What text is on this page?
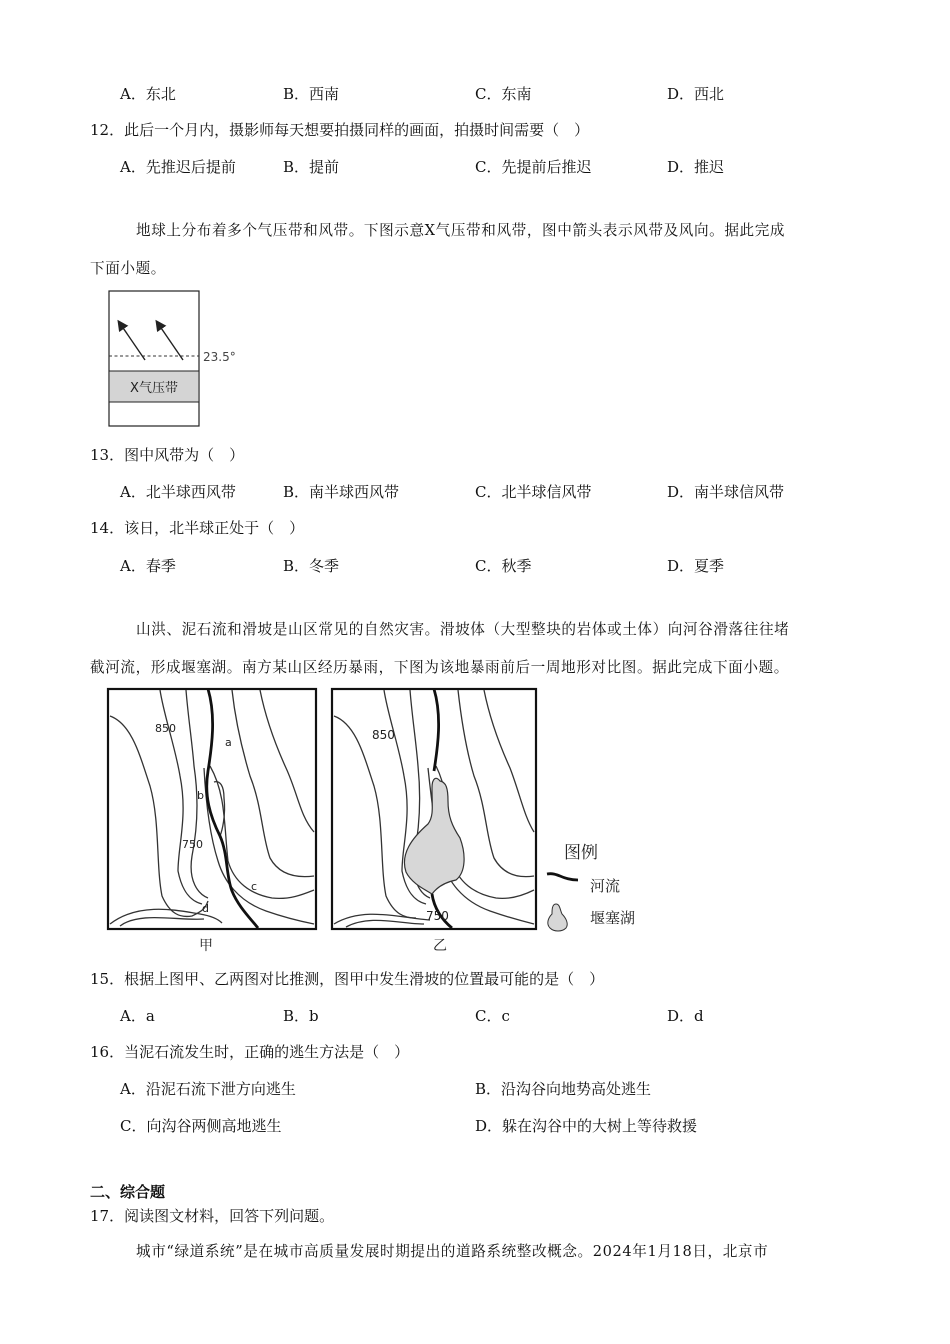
A．东北	B．西南	C．东南	D．西北
12．此后一个月内，摄影师每天想要拍摄同样的画面，拍摄时间需要（　）
A．先推迟后提前	B．提前	C．先提前后推迟	D．推迟
地球上分布着多个气压带和风带。下图示意X气压带和风带，图中箭头表示风带及风向。据此完成
下面小题。
23.5°
X气压带
13．图中风带为（　）
A．北半球西风带	B．南半球西风带	C．北半球信风带	D．南半球信风带
14．该日，北半球正处于（　）
A．春季	B．冬季	C．秋季	D．夏季
山洪、泥石流和滑坡是山区常见的自然灾害。滑坡体（大型整块的岩体或土体）向河谷滑落往往堵
截河流，形成堰塞湖。南方某山区经历暴雨，下图为该地暴雨前后一周地形对比图。据此完成下面小题。
850
750
a
b
c
d
甲
850
750
乙
图例
河流
堰塞湖
15．根据上图甲、乙两图对比推测，图甲中发生滑坡的位置最可能的是（　）
A．a	B．b	C．c	D．d
16．当泥石流发生时，正确的逃生方法是（　）
A．沿泥石流下泄方向逃生	B．沿沟谷向地势高处逃生
C．向沟谷两侧高地逃生	D．躲在沟谷中的大树上等待救援
二、综合题
17．阅读图文材料，回答下列问题。
城市“绿道系统”是在城市高质量发展时期提出的道路系统整改概念。2024年1月18日，北京市
